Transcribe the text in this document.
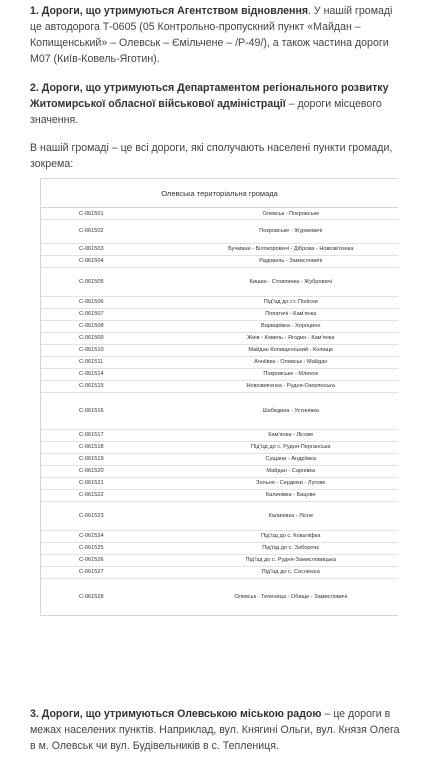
1. Дороги, що утримуються Агентством відновлення. У нашій громаді це автодорога Т-0605 (05 Контрольно-пропускний пункт «Майдан – Копищенський» – Олевськ – Ємільчене – /Р-49/), а також частина дороги М07 (Київ-Ковель-Яготин).
2. Дороги, що утримуються Департаментом регіонального розвитку Житомирської обласної військової адміністрації – дороги місцевого значення.
В нашій громаді – це всі дороги, які сполучають населені пункти громади, зокрема:
Олевська територіальна громада	
С-061501	Олевськ - Покровське
С-061502	Покровське - Журжевичі
С-061503	Бучмани - Білокоровичі - Діброва - Новозв'язнка
С-061504	Радовель - Замисловичі
С-061505	Кишин - Стовпинка - Жубровичі
С-061506	Під'їзд до ст. Поліски
С-061507	Попатичі - Кам'янка
С-061508	Варварівка - Хороцине
С-061509	Жиів - Ковель - Ягодин - Кам'янка
С-061510	Майдан Копищенський - Копище
С-061511	Ачніївка - Олевськ - Майдан
С-061514	Покровське - Млинок
С-061515	Новозвягенка - Рудня-Озерянська
С-061516	Шабедина - Устинівка
С-061517	Кам'янка - Лісове
С-061518	Під'їзд до с. Рудня-Перганська
С-061519	Сущани - Андріївка
С-061520	Майдан - Сарнівка
С-061521	Зольня - Сердюки - Лугове
С-061522	Калинівка - Бацове
С-061523	Калинівка - Лісне
С-061524	Під'їзд до с. Коваліфка
С-061525	Під'їзд до с. Заборочє
С-061526	Під'їзд до с. Рудня-Замисловицька
С-061527	Під'їзд до с. Сосніеєка
С-061528	Олевськ - Теленица - Обище - Замисловичі
3. Дороги, що утримуються Олевською міською радою – це дороги в межах населених пунктів. Наприклад, вул. Княгині Ольги, вул. Князя Олега в м. Олевськ чи вул. Будівельників в с. Теплениця.
